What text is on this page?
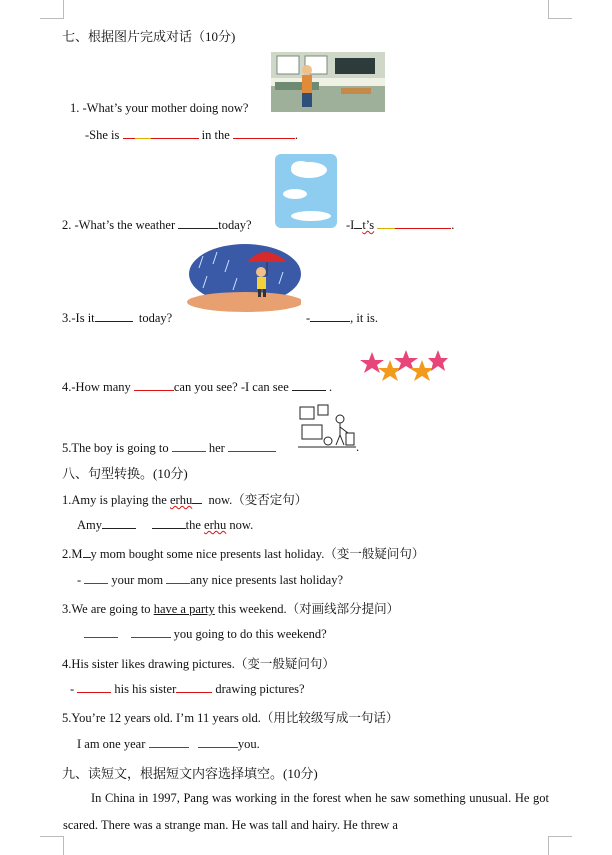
七、根据图片完成对话（10分)
1. -What’s your mother doing now?
-She is	in the	.
2. -What’s the weather	today?	-I t’s	.
3.-Is it	today?	-	, it is.
4.-How many	can you see? -I can see	.
5.The boy is going to	her	.
八、句型转换。(10分)
1.Amy is playing the erhu now.（变否定句）
Amy	the erhu now.
2.M y mom bought some nice presents last holiday.（变一般疑问句）
- your mom any nice presents last holiday?
3.We are going to have a party this weekend.（对画线部分提问）
you going to do this weekend?
4.His sister likes drawing pictures.（变一般疑问句）
-	his his sister	drawing pictures?
5.You’re 12 years old. I’m 11 years old.（用比较级写成一句话）
I am one year	you.
九、读短文，根据短文内容选择填空。(10分)
In China in 1997, Pang was working in the forest when he saw something unusual. He got scared. There was a strange man. He was tall and hairy. He threw a
